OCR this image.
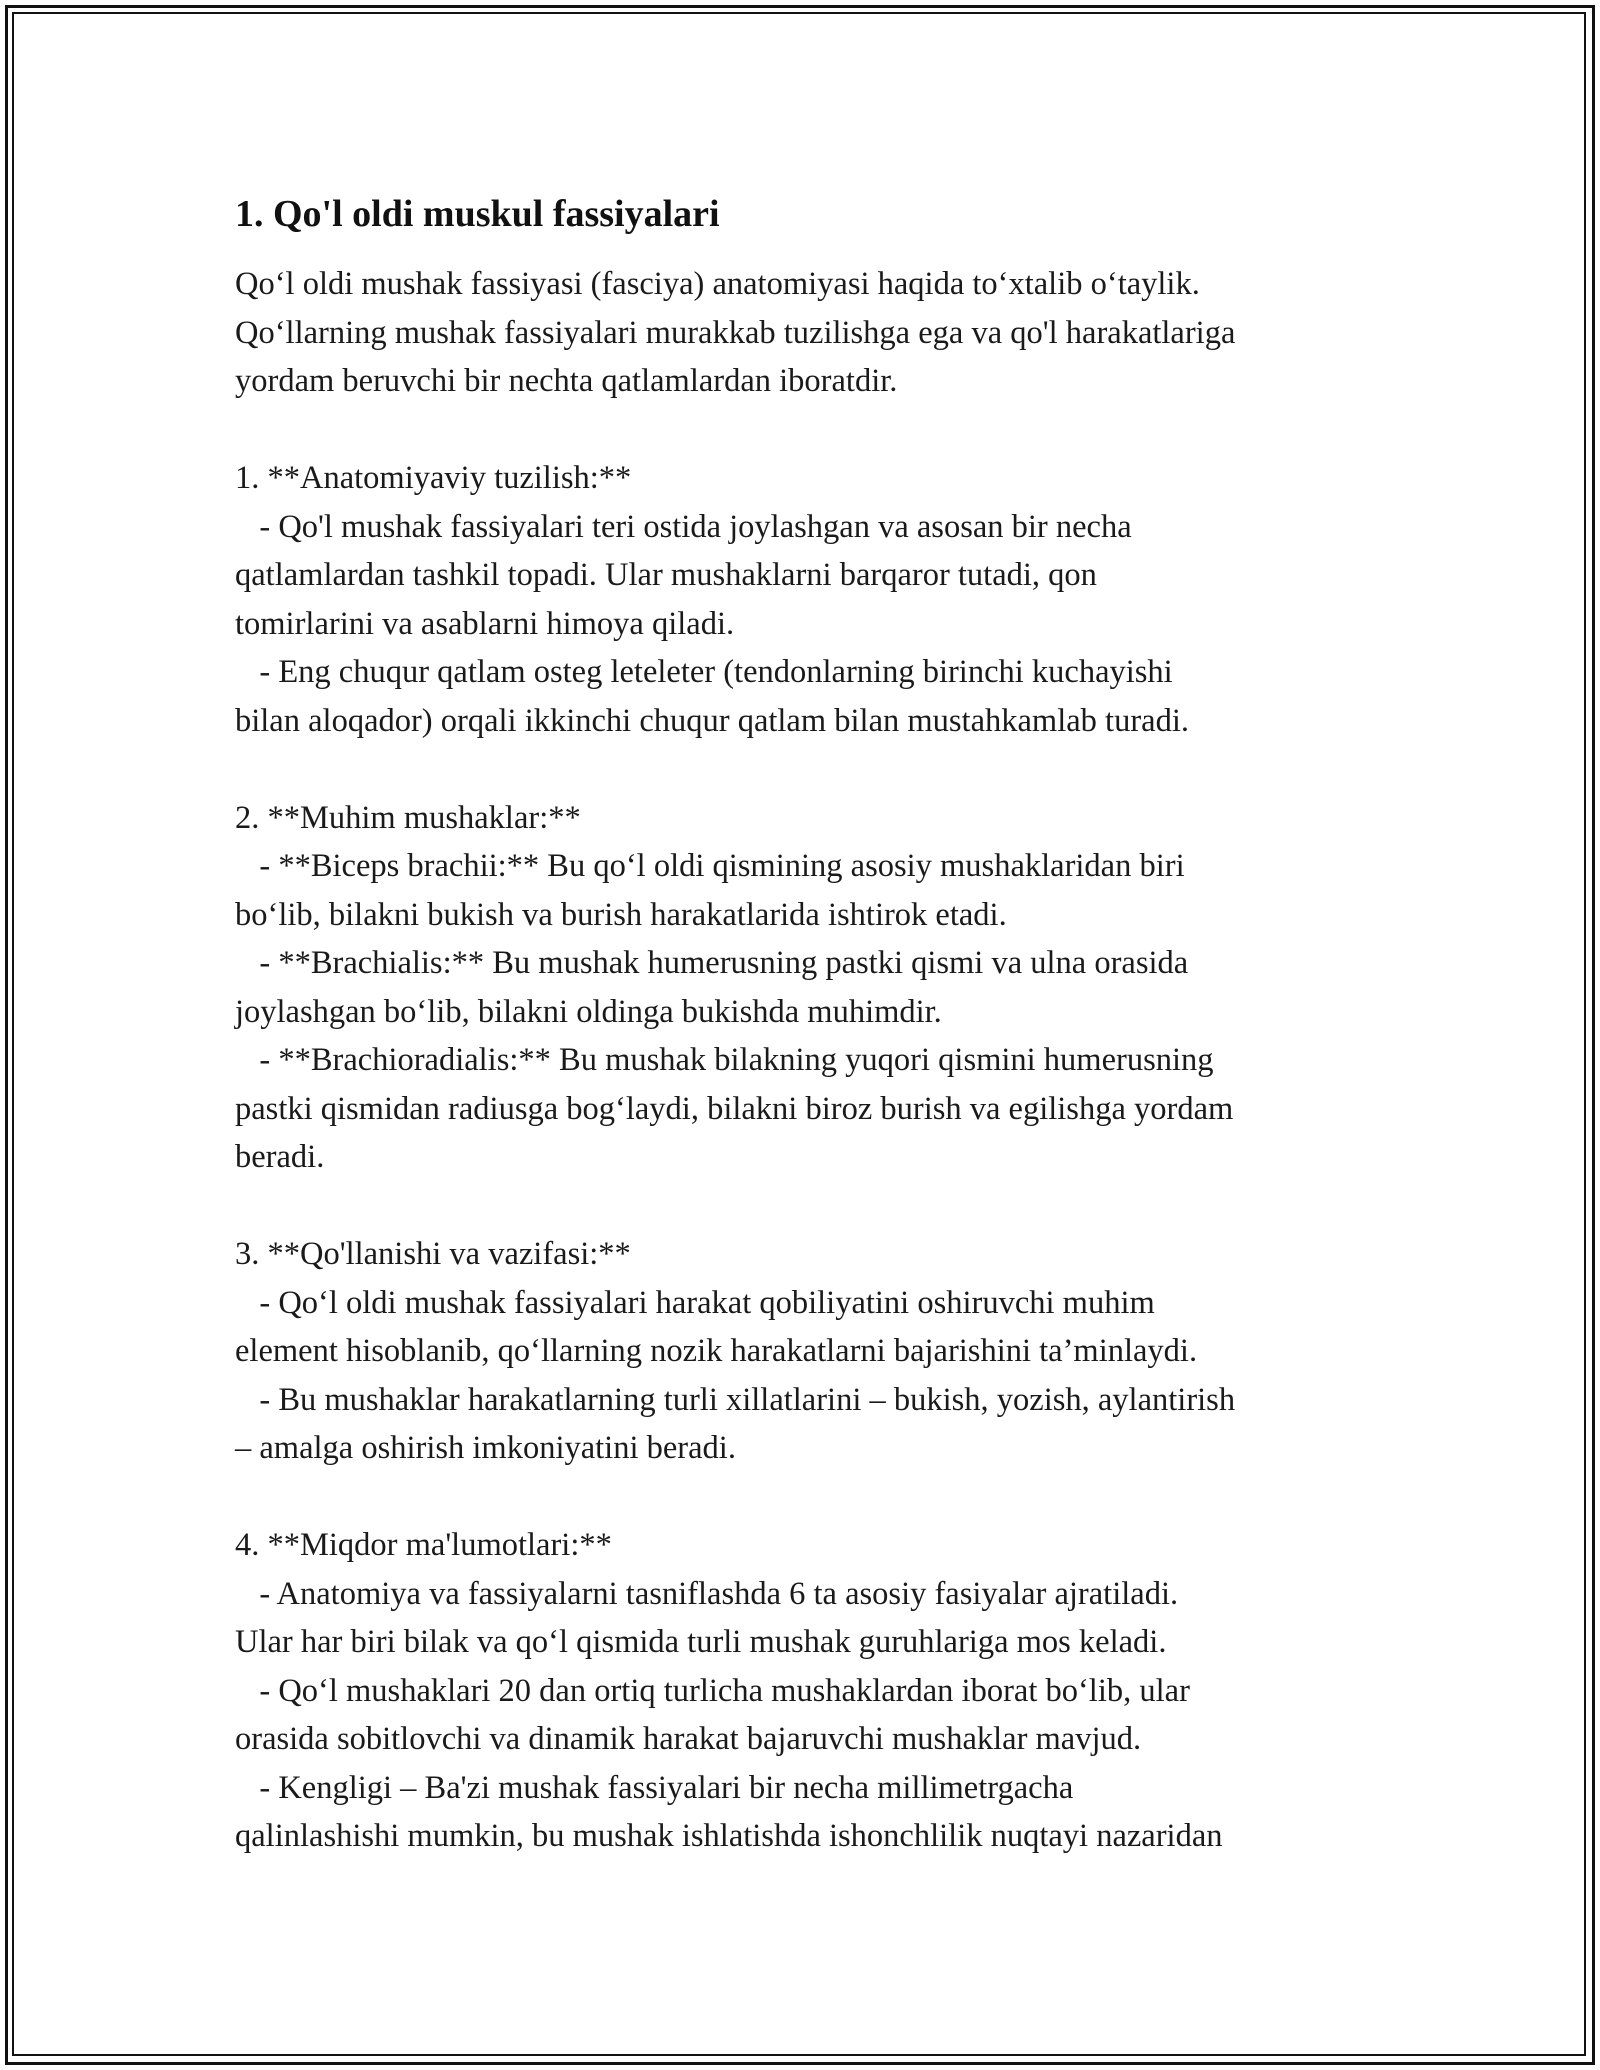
1. Qo'l oldi muskul fassiyalari
Qo‘l oldi mushak fassiyasi (fasciya) anatomiyasi haqida to‘xtalib o‘taylik.
Qo‘llarning mushak fassiyalari murakkab tuzilishga ega va qo'l harakatlariga
yordam beruvchi bir nechta qatlamlardan iboratdir.
1. **Anatomiyaviy tuzilish:**
- Qo'l mushak fassiyalari teri ostida joylashgan va asosan bir necha
qatlamlardan tashkil topadi. Ular mushaklarni barqaror tutadi, qon
tomirlarini va asablarni himoya qiladi.
- Eng chuqur qatlam osteg leteleter (tendonlarning birinchi kuchayishi
bilan aloqador) orqali ikkinchi chuqur qatlam bilan mustahkamlab turadi.
2. **Muhim mushaklar:**
- **Biceps brachii:** Bu qo‘l oldi qismining asosiy mushaklaridan biri
bo‘lib, bilakni bukish va burish harakatlarida ishtirok etadi.
- **Brachialis:** Bu mushak humerusning pastki qismi va ulna orasida
joylashgan bo‘lib, bilakni oldinga bukishda muhimdir.
- **Brachioradialis:** Bu mushak bilakning yuqori qismini humerusning
pastki qismidan radiusga bog‘laydi, bilakni biroz burish va egilishga yordam
beradi.
3. **Qo'llanishi va vazifasi:**
- Qo‘l oldi mushak fassiyalari harakat qobiliyatini oshiruvchi muhim
element hisoblanib, qo‘llarning nozik harakatlarni bajarishini ta’minlaydi.
- Bu mushaklar harakatlarning turli xillatlarini – bukish, yozish, aylantirish
– amalga oshirish imkoniyatini beradi.
4. **Miqdor ma'lumotlari:**
- Anatomiya va fassiyalarni tasniflashda 6 ta asosiy fasiyalar ajratiladi.
Ular har biri bilak va qo‘l qismida turli mushak guruhlariga mos keladi.
- Qo‘l mushaklari 20 dan ortiq turlicha mushaklardan iborat bo‘lib, ular
orasida sobitlovchi va dinamik harakat bajaruvchi mushaklar mavjud.
- Kengligi – Ba'zi mushak fassiyalari bir necha millimetrgacha
qalinlashishi mumkin, bu mushak ishlatishda ishonchlilik nuqtayi nazaridan
